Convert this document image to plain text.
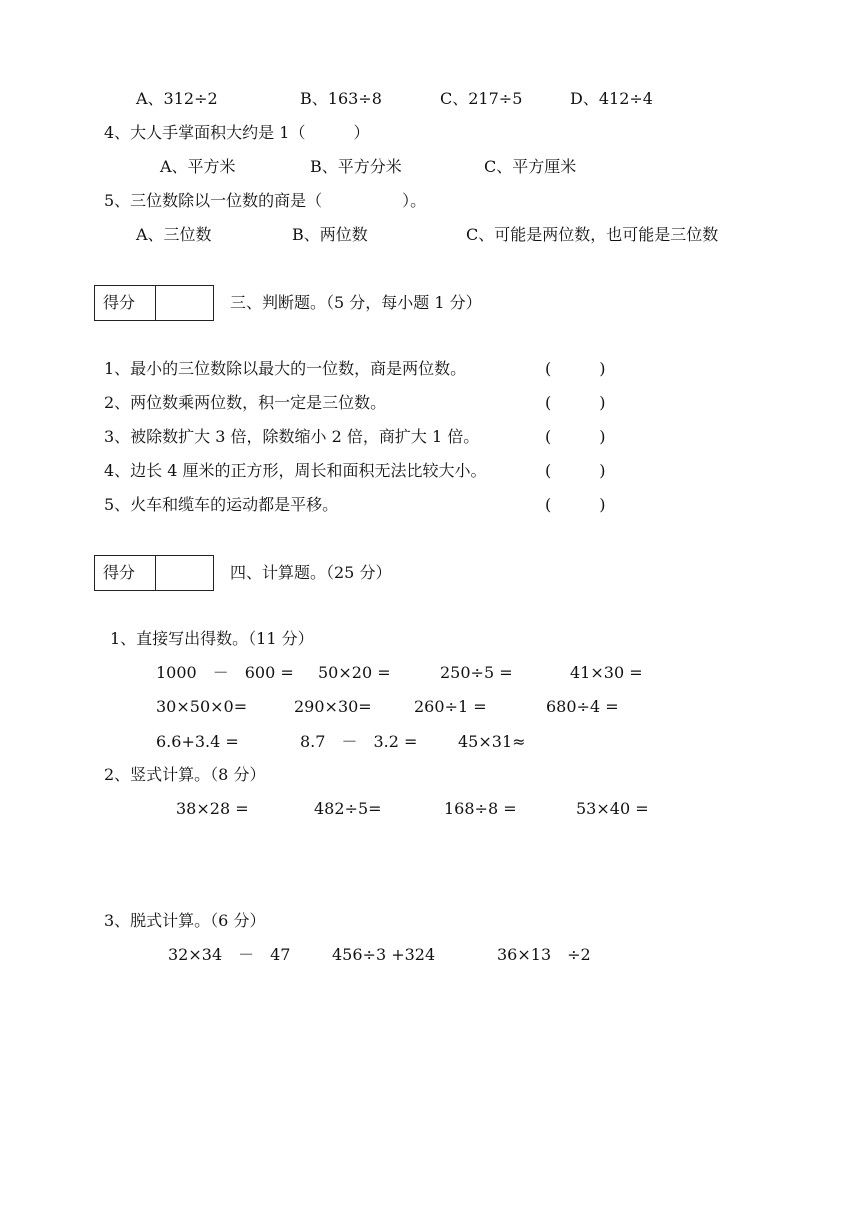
A、312÷2	B、163÷8	C、217÷5	D、412÷4
4、大人手掌面积大约是 1（　　　）
A、平方米	B、平方分米	C、平方厘米
5、三位数除以一位数的商是（　　　　　）。
A、三位数	B、两位数	C、可能是两位数，也可能是三位数
得分	三、判断题。（5 分，每小题 1 分）
1、最小的三位数除以最大的一位数，商是两位数。	(　　　)
2、两位数乘两位数，积一定是三位数。	(　　　)
3、被除数扩大 3 倍，除数缩小 2 倍，商扩大 1 倍。	(　　　)
4、边长 4 厘米的正方形，周长和面积无法比较大小。	(　　　)
5、火车和缆车的运动都是平移。	(　　　)
得分	四、计算题。（25 分）
1、直接写出得数。（11 分）
1000　－　600 = 50×20 =	250÷5 =	41×30 =
30×50×0=	290×30=	260÷1 =	680÷4 =
6.6+3.4 =	8.7　－　3.2 =	45×31≈
2、竖式计算。（8 分）
38×28 =	482÷5=	168÷8 =	53×40 =
3、脱式计算。（6 分）
32×34　－　47	456÷3 +324	36×13　÷2
